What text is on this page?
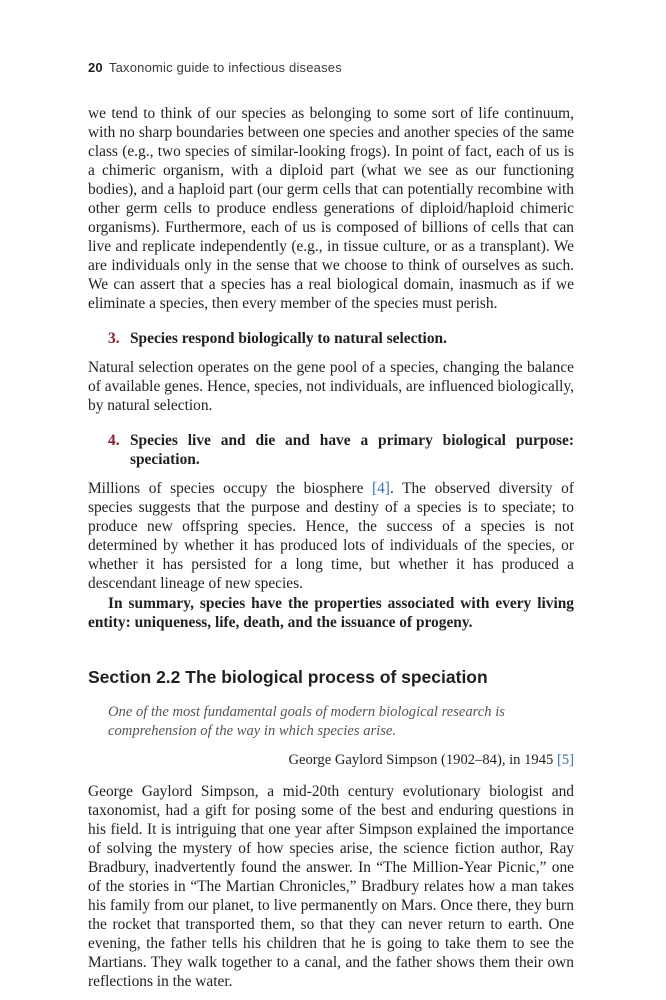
20 Taxonomic guide to infectious diseases

we tend to think of our species as belonging to some sort of life continuum, with no sharp boundaries between one species and another species of the same class (e.g., two species of similar-looking frogs). In point of fact, each of us is a chimeric organism, with a diploid part (what we see as our functioning bodies), and a haploid part (our germ cells that can potentially recombine with other germ cells to produce endless generations of diploid/haploid chimeric organisms). Furthermore, each of us is composed of billions of cells that can live and replicate independently (e.g., in tissue culture, or as a transplant). We are individuals only in the sense that we choose to think of ourselves as such. We can assert that a species has a real biological domain, inasmuch as if we eliminate a species, then every member of the species must perish.

3. Species respond biologically to natural selection.

Natural selection operates on the gene pool of a species, changing the balance of available genes. Hence, species, not individuals, are influenced biologically, by natural selection.

4. Species live and die and have a primary biological purpose: speciation.

Millions of species occupy the biosphere [4]. The observed diversity of species suggests that the purpose and destiny of a species is to speciate; to produce new offspring species. Hence, the success of a species is not determined by whether it has produced lots of individuals of the species, or whether it has persisted for a long time, but whether it has produced a descendant lineage of new species.

In summary, species have the properties associated with every living entity: uniqueness, life, death, and the issuance of progeny.

Section 2.2 The biological process of speciation

One of the most fundamental goals of modern biological research is comprehension of the way in which species arise.

George Gaylord Simpson (1902–84), in 1945 [5]

George Gaylord Simpson, a mid-20th century evolutionary biologist and taxonomist, had a gift for posing some of the best and enduring questions in his field. It is intriguing that one year after Simpson explained the importance of solving the mystery of how species arise, the science fiction author, Ray Bradbury, inadvertently found the answer. In “The Million-Year Picnic,” one of the stories in “The Martian Chronicles,” Bradbury relates how a man takes his family from our planet, to live permanently on Mars. Once there, they burn the rocket that transported them, so that they can never return to earth. One evening, the father tells his children that he is going to take them to see the Martians. They walk together to a canal, and the father shows them their own reflections in the water.
